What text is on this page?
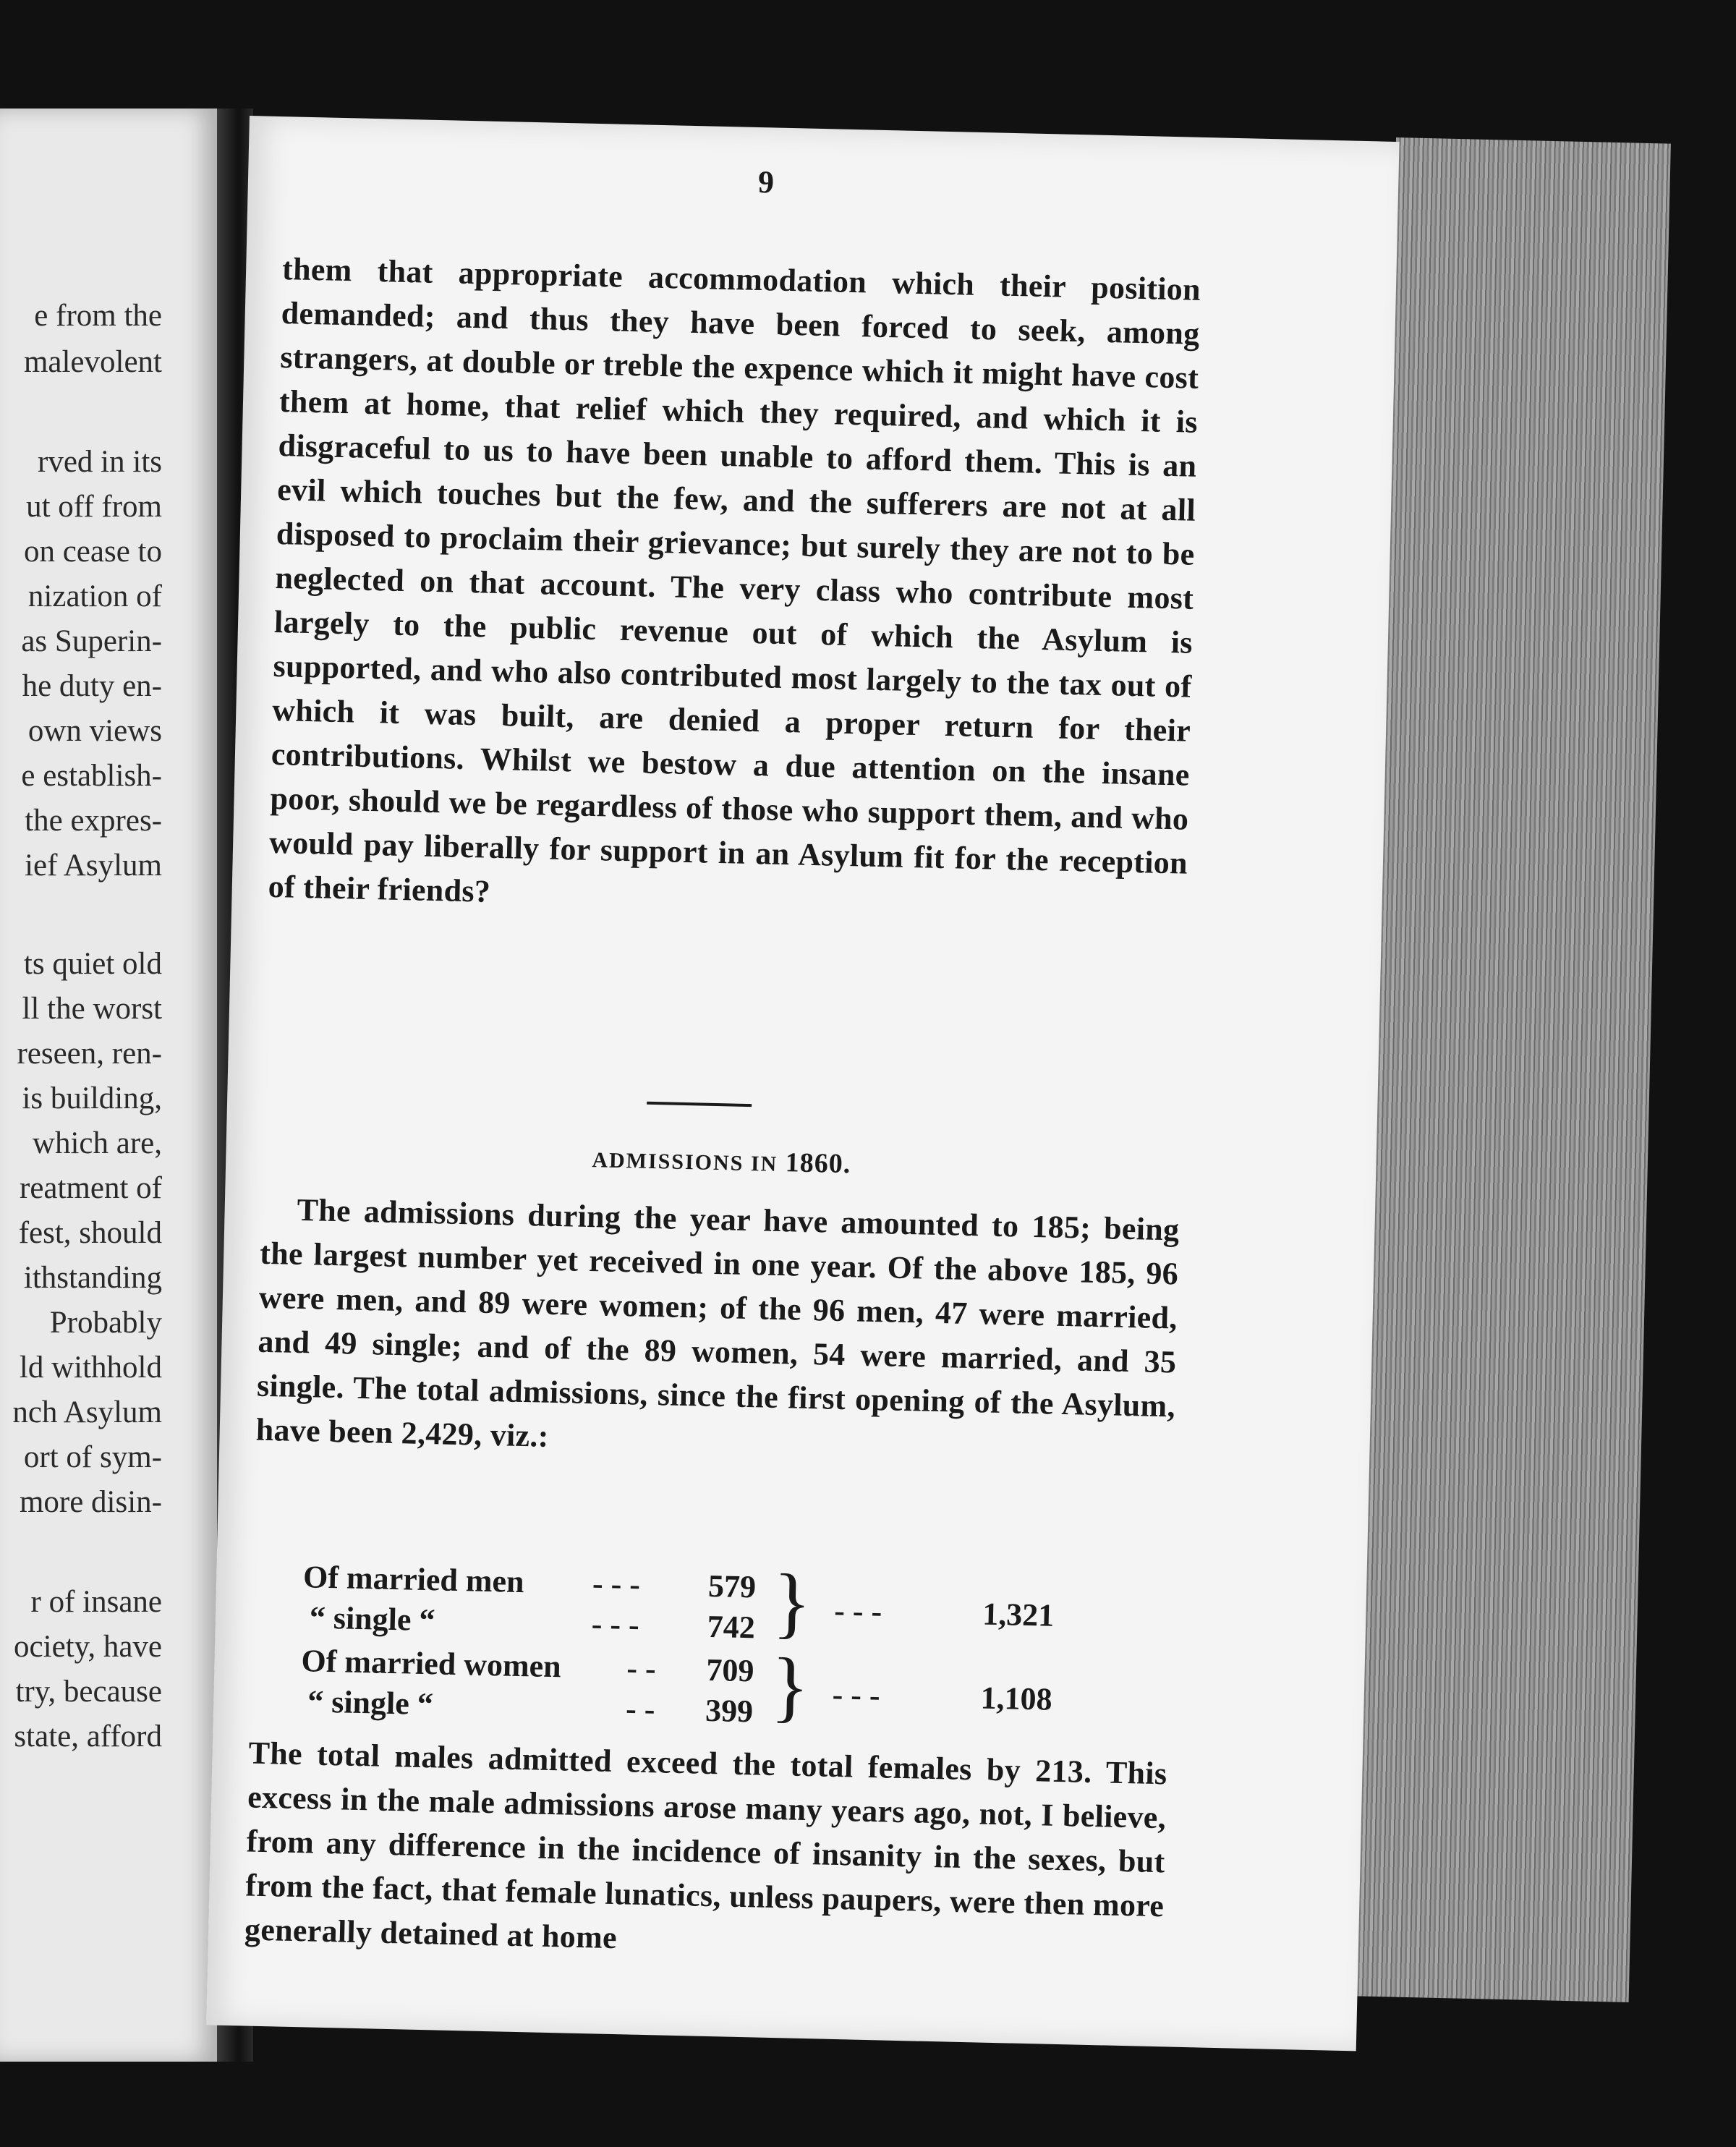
e from the
malevolent
rved in its
ut off from
on cease to
nization of
as Superin-
he duty en-
own views
e establish-
the expres-
ief Asylum
ts quiet old
ll the worst
reseen, ren-
is building,
which are,
reatment of
fest, should
ithstanding
Probably
ld withhold
nch Asylum
ort of sym-
more disin-
r of insane
ociety, have
try, because
state, afford
9
them that appropriate accommodation which their position demanded; and thus they have been forced to seek, among strangers, at double or treble the expence which it might have cost them at home, that relief which they required, and which it is disgraceful to us to have been unable to afford them. This is an evil which touches but the few, and the sufferers are not at all disposed to proclaim their grievance; but surely they are not to be neglected on that account. The very class who contribute most largely to the public revenue out of which the Asylum is supported, and who also contributed most largely to the tax out of which it was built, are denied a proper return for their contributions. Whilst we bestow a due attention on the insane poor, should we be regardless of those who support them, and who would pay liberally for support in an Asylum fit for the reception of their friends?
ADMISSIONS IN 1860.
The admissions during the year have amounted to 185; being the largest number yet received in one year. Of the above 185, 96 were men, and 89 were women; of the 96 men, 47 were married, and 49 single; and of the 89 women, 54 were married, and 35 single. The total admissions, since the first opening of the Asylum, have been 2,429, viz.:
Of married men - - - 579
“ single “	- - - 742 } - - -	1,321
Of married women - - 709
“ single “	- - 399 } - - -	1,108
The total males admitted exceed the total females by 213. This excess in the male admissions arose many years ago, not, I believe, from any difference in the incidence of insanity in the sexes, but from the fact, that female lunatics, unless paupers, were then more generally detained at home
